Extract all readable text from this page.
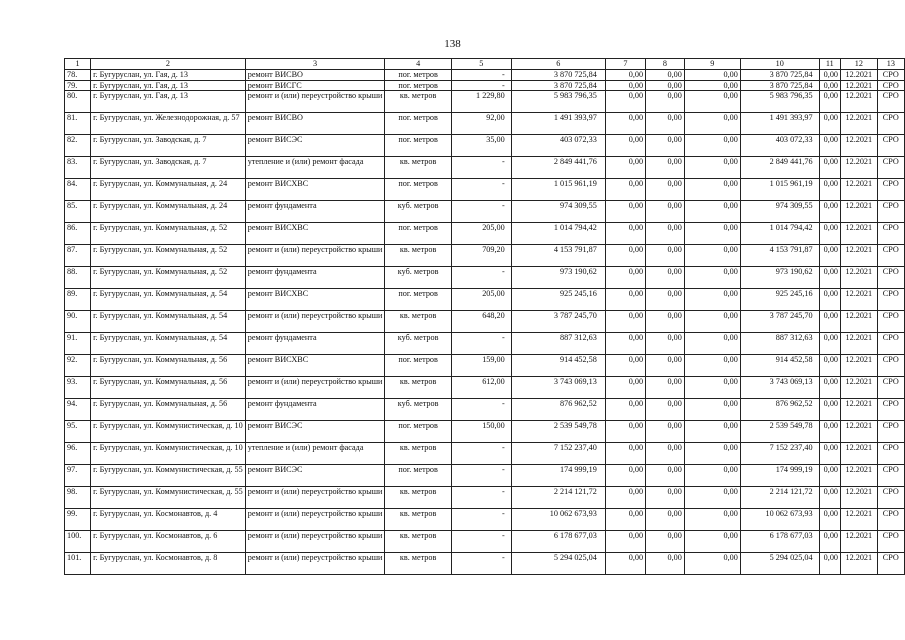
138
1	2	3	4	5	6	7	8	9	10	11	12	13
78.	г. Бугуруслан, ул. Гая, д. 13	ремонт ВИСВО	пог. метров	-	3 870 725,84	0,00	0,00	0,00	3 870 725,84	0,00	12.2021	СРО
79.	г. Бугуруслан, ул. Гая, д. 13	ремонт ВИСГС	пог. метров	-	3 870 725,84	0,00	0,00	0,00	3 870 725,84	0,00	12.2021	СРО
80.	г. Бугуруслан, ул. Гая, д. 13	ремонт и (или) переустройство крыши	кв. метров	1 229,80	5 983 796,35	0,00	0,00	0,00	5 983 796,35	0,00	12.2021	СРО
81.	г. Бугуруслан, ул. Железнодорожная, д. 57	ремонт ВИСВО	пог. метров	92,00	1 491 393,97	0,00	0,00	0,00	1 491 393,97	0,00	12.2021	СРО
82.	г. Бугуруслан, ул. Заводская, д. 7	ремонт ВИСЭС	пог. метров	35,00	403 072,33	0,00	0,00	0,00	403 072,33	0,00	12.2021	СРО
83.	г. Бугуруслан, ул. Заводская, д. 7	утепление и (или) ремонт фасада	кв. метров	-	2 849 441,76	0,00	0,00	0,00	2 849 441,76	0,00	12.2021	СРО
84.	г. Бугуруслан, ул. Коммунальная, д. 24	ремонт ВИСХВС	пог. метров	-	1 015 961,19	0,00	0,00	0,00	1 015 961,19	0,00	12.2021	СРО
85.	г. Бугуруслан, ул. Коммунальная, д. 24	ремонт фундамента	куб. метров	-	974 309,55	0,00	0,00	0,00	974 309,55	0,00	12.2021	СРО
86.	г. Бугуруслан, ул. Коммунальная, д. 52	ремонт ВИСХВС	пог. метров	205,00	1 014 794,42	0,00	0,00	0,00	1 014 794,42	0,00	12.2021	СРО
87.	г. Бугуруслан, ул. Коммунальная, д. 52	ремонт и (или) переустройство крыши	кв. метров	709,20	4 153 791,87	0,00	0,00	0,00	4 153 791,87	0,00	12.2021	СРО
88.	г. Бугуруслан, ул. Коммунальная, д. 52	ремонт фундамента	куб. метров	-	973 190,62	0,00	0,00	0,00	973 190,62	0,00	12.2021	СРО
89.	г. Бугуруслан, ул. Коммунальная, д. 54	ремонт ВИСХВС	пог. метров	205,00	925 245,16	0,00	0,00	0,00	925 245,16	0,00	12.2021	СРО
90.	г. Бугуруслан, ул. Коммунальная, д. 54	ремонт и (или) переустройство крыши	кв. метров	648,20	3 787 245,70	0,00	0,00	0,00	3 787 245,70	0,00	12.2021	СРО
91.	г. Бугуруслан, ул. Коммунальная, д. 54	ремонт фундамента	куб. метров	-	887 312,63	0,00	0,00	0,00	887 312,63	0,00	12.2021	СРО
92.	г. Бугуруслан, ул. Коммунальная, д. 56	ремонт ВИСХВС	пог. метров	159,00	914 452,58	0,00	0,00	0,00	914 452,58	0,00	12.2021	СРО
93.	г. Бугуруслан, ул. Коммунальная, д. 56	ремонт и (или) переустройство крыши	кв. метров	612,00	3 743 069,13	0,00	0,00	0,00	3 743 069,13	0,00	12.2021	СРО
94.	г. Бугуруслан, ул. Коммунальная, д. 56	ремонт фундамента	куб. метров	-	876 962,52	0,00	0,00	0,00	876 962,52	0,00	12.2021	СРО
95.	г. Бугуруслан, ул. Коммунистическая, д. 10	ремонт ВИСЭС	пог. метров	150,00	2 539 549,78	0,00	0,00	0,00	2 539 549,78	0,00	12.2021	СРО
96.	г. Бугуруслан, ул. Коммунистическая, д. 10	утепление и (или) ремонт фасада	кв. метров	-	7 152 237,40	0,00	0,00	0,00	7 152 237,40	0,00	12.2021	СРО
97.	г. Бугуруслан, ул. Коммунистическая, д. 55	ремонт ВИСЭС	пог. метров	-	174 999,19	0,00	0,00	0,00	174 999,19	0,00	12.2021	СРО
98.	г. Бугуруслан, ул. Коммунистическая, д. 55	ремонт и (или) переустройство крыши	кв. метров	-	2 214 121,72	0,00	0,00	0,00	2 214 121,72	0,00	12.2021	СРО
99.	г. Бугуруслан, ул. Космонавтов, д. 4	ремонт и (или) переустройство крыши	кв. метров	-	10 062 673,93	0,00	0,00	0,00	10 062 673,93	0,00	12.2021	СРО
100.	г. Бугуруслан, ул. Космонавтов, д. 6	ремонт и (или) переустройство крыши	кв. метров	-	6 178 677,03	0,00	0,00	0,00	6 178 677,03	0,00	12.2021	СРО
101.	г. Бугуруслан, ул. Космонавтов, д. 8	ремонт и (или) переустройство крыши	кв. метров	-	5 294 025,04	0,00	0,00	0,00	5 294 025,04	0,00	12.2021	СРО
